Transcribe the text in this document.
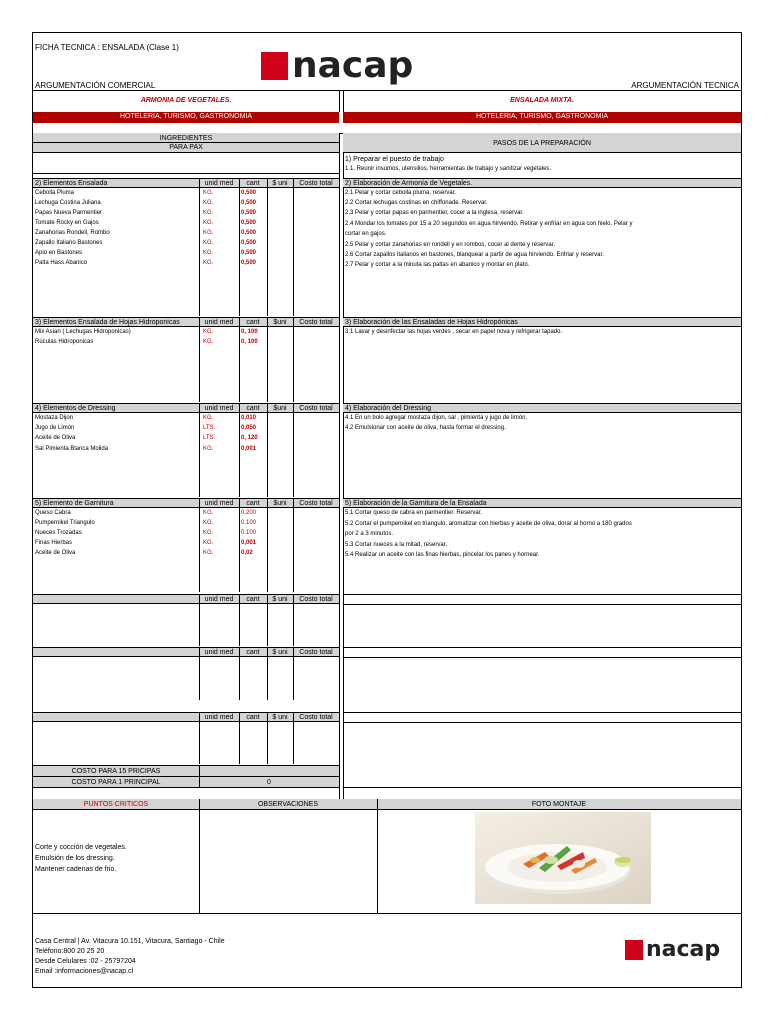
FICHA TECNICA : ENSALADA (Clase 1)	nacap
ARGUMENTACIÓN COMERCIAL	ARGUMENTACIÓN TECNICA
ARMONIA DE VEGETALES.	ENSALADA MIXTA.
HOTELERIA, TURISMO, GASTRONOMIA	HOTELERIA, TURISMO, GASTRONOMIA
INGREDIENTES
PARA PAX
PASOS DE LA PREPARACIÓN
1) Preparar el puesto de trabajo
1.1. Reunir insumos, utensilios, herramientas de trabajo y sanitizar vegetales.
2) Elementos Ensalada	unid med	cant	$ uni	Costo total	2) Elaboración de Armonía de Vegetales.
Cebolla Pluma	KG.	0,500
Lechuga Costina Juliana	KG.	0,500
Papas Nueva Parmentier	KG.	0,500
Tomate Rocky en Gajos	KG.	0,500
Zanahorias Rondell, Rombo	KG.	0,500
Zapallo Italiano Bastones	KG.	0,500
Apio en Bastones	KG.	0,500
Palta Hass Abanico	KG.	0,500
2.1 Pelar y cortar cebolla pluma, reservar.
2.2 Cortar lechugas costinas en chiffonade. Reservar.
2.3 Pelar y cortar papas en parmentier, cocer a la inglesa, reservar.
2.4 Mondar los tomates por 15 a 20 segundos en agua hirviendo. Retirar y enfriar en agua con hielo. Pelar y
cortar en gajos.
2.5 Pelar y cortar zanahorias en rondell y en rombos, cocer al dente y reservar.
2.6 Cortar zapallos italianos en bastones, blanquear a partir de agua hirviendo. Enfriar y reservar.
2.7 Pelar y cortar a la minuta las paltas en abanico y montar en plato.
3) Elementos Ensalada de Hojas Hidroponicas	unid med	cant	$uni	Costo total	3) Elaboración de las Ensaladas de Hojas Hidropónicas
Mix Asian ( Lechugas Hidroponicas)	KG.	0, 100
Rúculas Hidroponicas	KG.	0, 100
3.1 Lavar y desinfectar las hojas verdes , secar en papel nova y refrigerar tapado.
4) Elementos de Dressing	unid med	cant	$uni	Costo total	4) Elaboración del Dressing
Mostaza Dijon	KG.	0,010
Jugo de Limón	LTS.	0,050
Aceite de Oliva	LTS.	0, 120
Sal Pimienta Blanca Molida	KG.	0,001
4.1 En un bolo agregar mostaza dijon, sal , pimienta y jugo de limón.
4.2 Emulsionar con aceite de oliva, hasta formar el dressing.
5) Elemento de Garnitura	unid med	cant	$uni	Costo total	5) Elaboración de la Garnitura de la Ensalada
Queso Cabra	KG.	0.200
Pumpernikel Triangulo	KG.	0.100
Nueces Trozadas	KG.	0.100
Finas Hierbas	KG.	0,001
Aceite de Oliva	KG.	0,02
5.1 Cortar queso de cabra en parmentier. Reservar.
5.2 Cortar el pumpernikel en triangulo, aromatizar con hierbas y aceite de oliva, dorar al horno a 180 grados
por 2 a 3 minutos.
5.3 Cortar nueces a la mitad, reservar.
5.4 Realizar un aceite con las finas hierbas, pincelar los panes y hornear.
unid med	cant	$ uni	Costo total
unid med	cant	$ uni	Costo total
unid med	cant	$ uni	Costo total
COSTO PARA 15 PRICIPAS
COSTO PARA 1 PRINCIPAL	0
PUNTOS CRITICOS	OBSERVACIONES	FOTO MONTAJE
Corte y cocción de vegetales.
Emulsión de los dressing.
Mantener cadenas de frio.
Casa Central | Av. Vitacura 10.151, Vitacura, Santiago - Chile
Teléfono:800 20 25 20
Desde Celulares :02 - 25797204
Email :informaciones@nacap.cl
nacap
